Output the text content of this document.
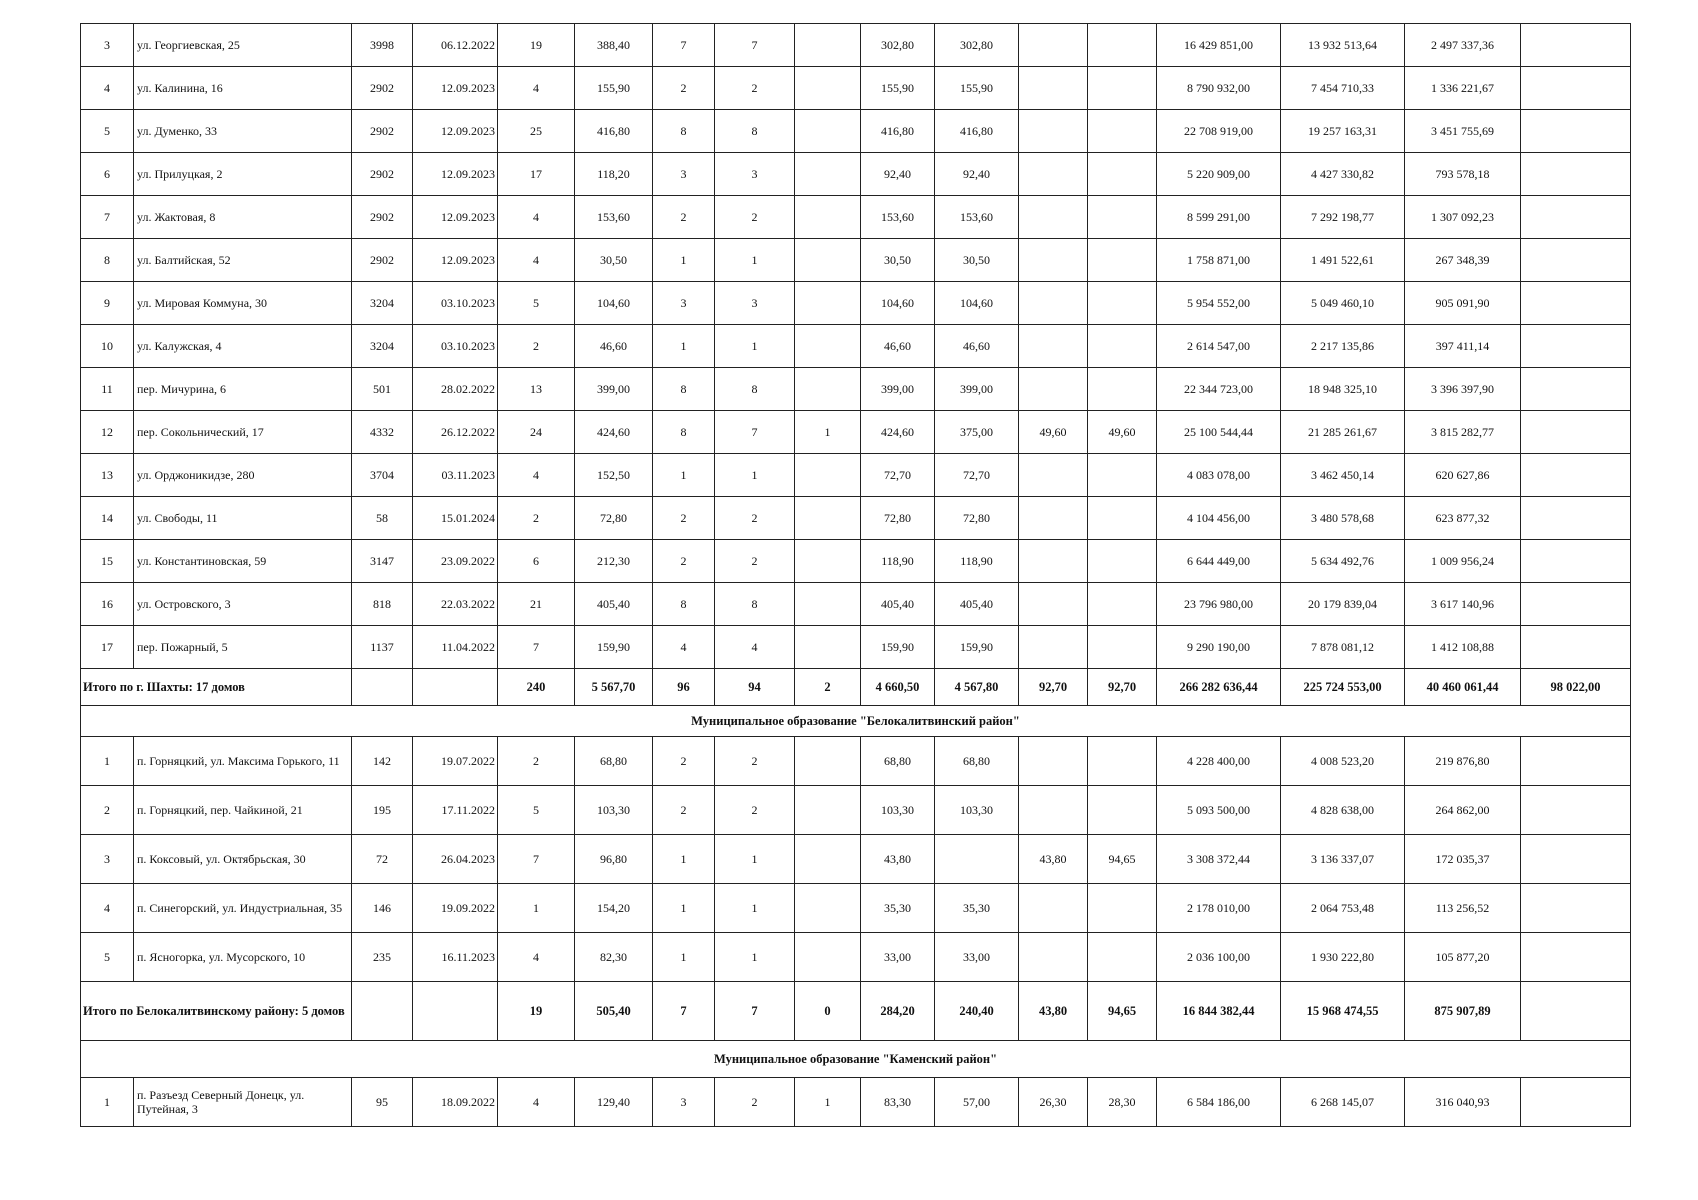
3	ул. Георгиевская, 25	3998	06.12.2022	19	388,40	7	7		302,80	302,80			16 429 851,00	13 932 513,64	2 497 337,36	
4	ул. Калинина, 16	2902	12.09.2023	4	155,90	2	2		155,90	155,90			8 790 932,00	7 454 710,33	1 336 221,67	
5	ул. Думенко, 33	2902	12.09.2023	25	416,80	8	8		416,80	416,80			22 708 919,00	19 257 163,31	3 451 755,69	
6	ул. Прилуцкая, 2	2902	12.09.2023	17	118,20	3	3		92,40	92,40			5 220 909,00	4 427 330,82	793 578,18	
7	ул. Жактовая, 8	2902	12.09.2023	4	153,60	2	2		153,60	153,60			8 599 291,00	7 292 198,77	1 307 092,23	
8	ул. Балтийская, 52	2902	12.09.2023	4	30,50	1	1		30,50	30,50			1 758 871,00	1 491 522,61	267 348,39	
9	ул. Мировая Коммуна, 30	3204	03.10.2023	5	104,60	3	3		104,60	104,60			5 954 552,00	5 049 460,10	905 091,90	
10	ул. Калужская, 4	3204	03.10.2023	2	46,60	1	1		46,60	46,60			2 614 547,00	2 217 135,86	397 411,14	
11	пер. Мичурина, 6	501	28.02.2022	13	399,00	8	8		399,00	399,00			22 344 723,00	18 948 325,10	3 396 397,90	
12	пер. Сокольнический, 17	4332	26.12.2022	24	424,60	8	7	1	424,60	375,00	49,60	49,60	25 100 544,44	21 285 261,67	3 815 282,77	
13	ул. Орджоникидзе, 280	3704	03.11.2023	4	152,50	1	1		72,70	72,70			4 083 078,00	3 462 450,14	620 627,86	
14	ул. Свободы, 11	58	15.01.2024	2	72,80	2	2		72,80	72,80			4 104 456,00	3 480 578,68	623 877,32	
15	ул. Константиновская, 59	3147	23.09.2022	6	212,30	2	2		118,90	118,90			6 644 449,00	5 634 492,76	1 009 956,24	
16	ул. Островского, 3	818	22.03.2022	21	405,40	8	8		405,40	405,40			23 796 980,00	20 179 839,04	3 617 140,96	
17	пер. Пожарный, 5	1137	11.04.2022	7	159,90	4	4		159,90	159,90			9 290 190,00	7 878 081,12	1 412 108,88	
Итого по г. Шахты: 17 домов				240	5 567,70	96	94	2	4 660,50	4 567,80	92,70	92,70	266 282 636,44	225 724 553,00	40 460 061,44	98 022,00
Муниципальное образование "Белокалитвинский район"																
1	п. Горняцкий, ул. Максима Горького, 11	142	19.07.2022	2	68,80	2	2		68,80	68,80			4 228 400,00	4 008 523,20	219 876,80	
2	п. Горняцкий, пер. Чайкиной, 21	195	17.11.2022	5	103,30	2	2		103,30	103,30			5 093 500,00	4 828 638,00	264 862,00	
3	п. Коксовый, ул. Октябрьская, 30	72	26.04.2023	7	96,80	1	1		43,80		43,80	94,65	3 308 372,44	3 136 337,07	172 035,37	
4	п. Синегорский, ул. Индустриальная, 35	146	19.09.2022	1	154,20	1	1		35,30	35,30			2 178 010,00	2 064 753,48	113 256,52	
5	п. Ясногорка, ул. Мусорского, 10	235	16.11.2023	4	82,30	1	1		33,00	33,00			2 036 100,00	1 930 222,80	105 877,20	
Итого по Белокалитвинскому району: 5 домов				19	505,40	7	7	0	284,20	240,40	43,80	94,65	16 844 382,44	15 968 474,55	875 907,89	
Муниципальное образование "Каменский район"																
1	п. Разъезд Северный Донецк, ул. Путейная, 3	95	18.09.2022	4	129,40	3	2	1	83,30	57,00	26,30	28,30	6 584 186,00	6 268 145,07	316 040,93	
